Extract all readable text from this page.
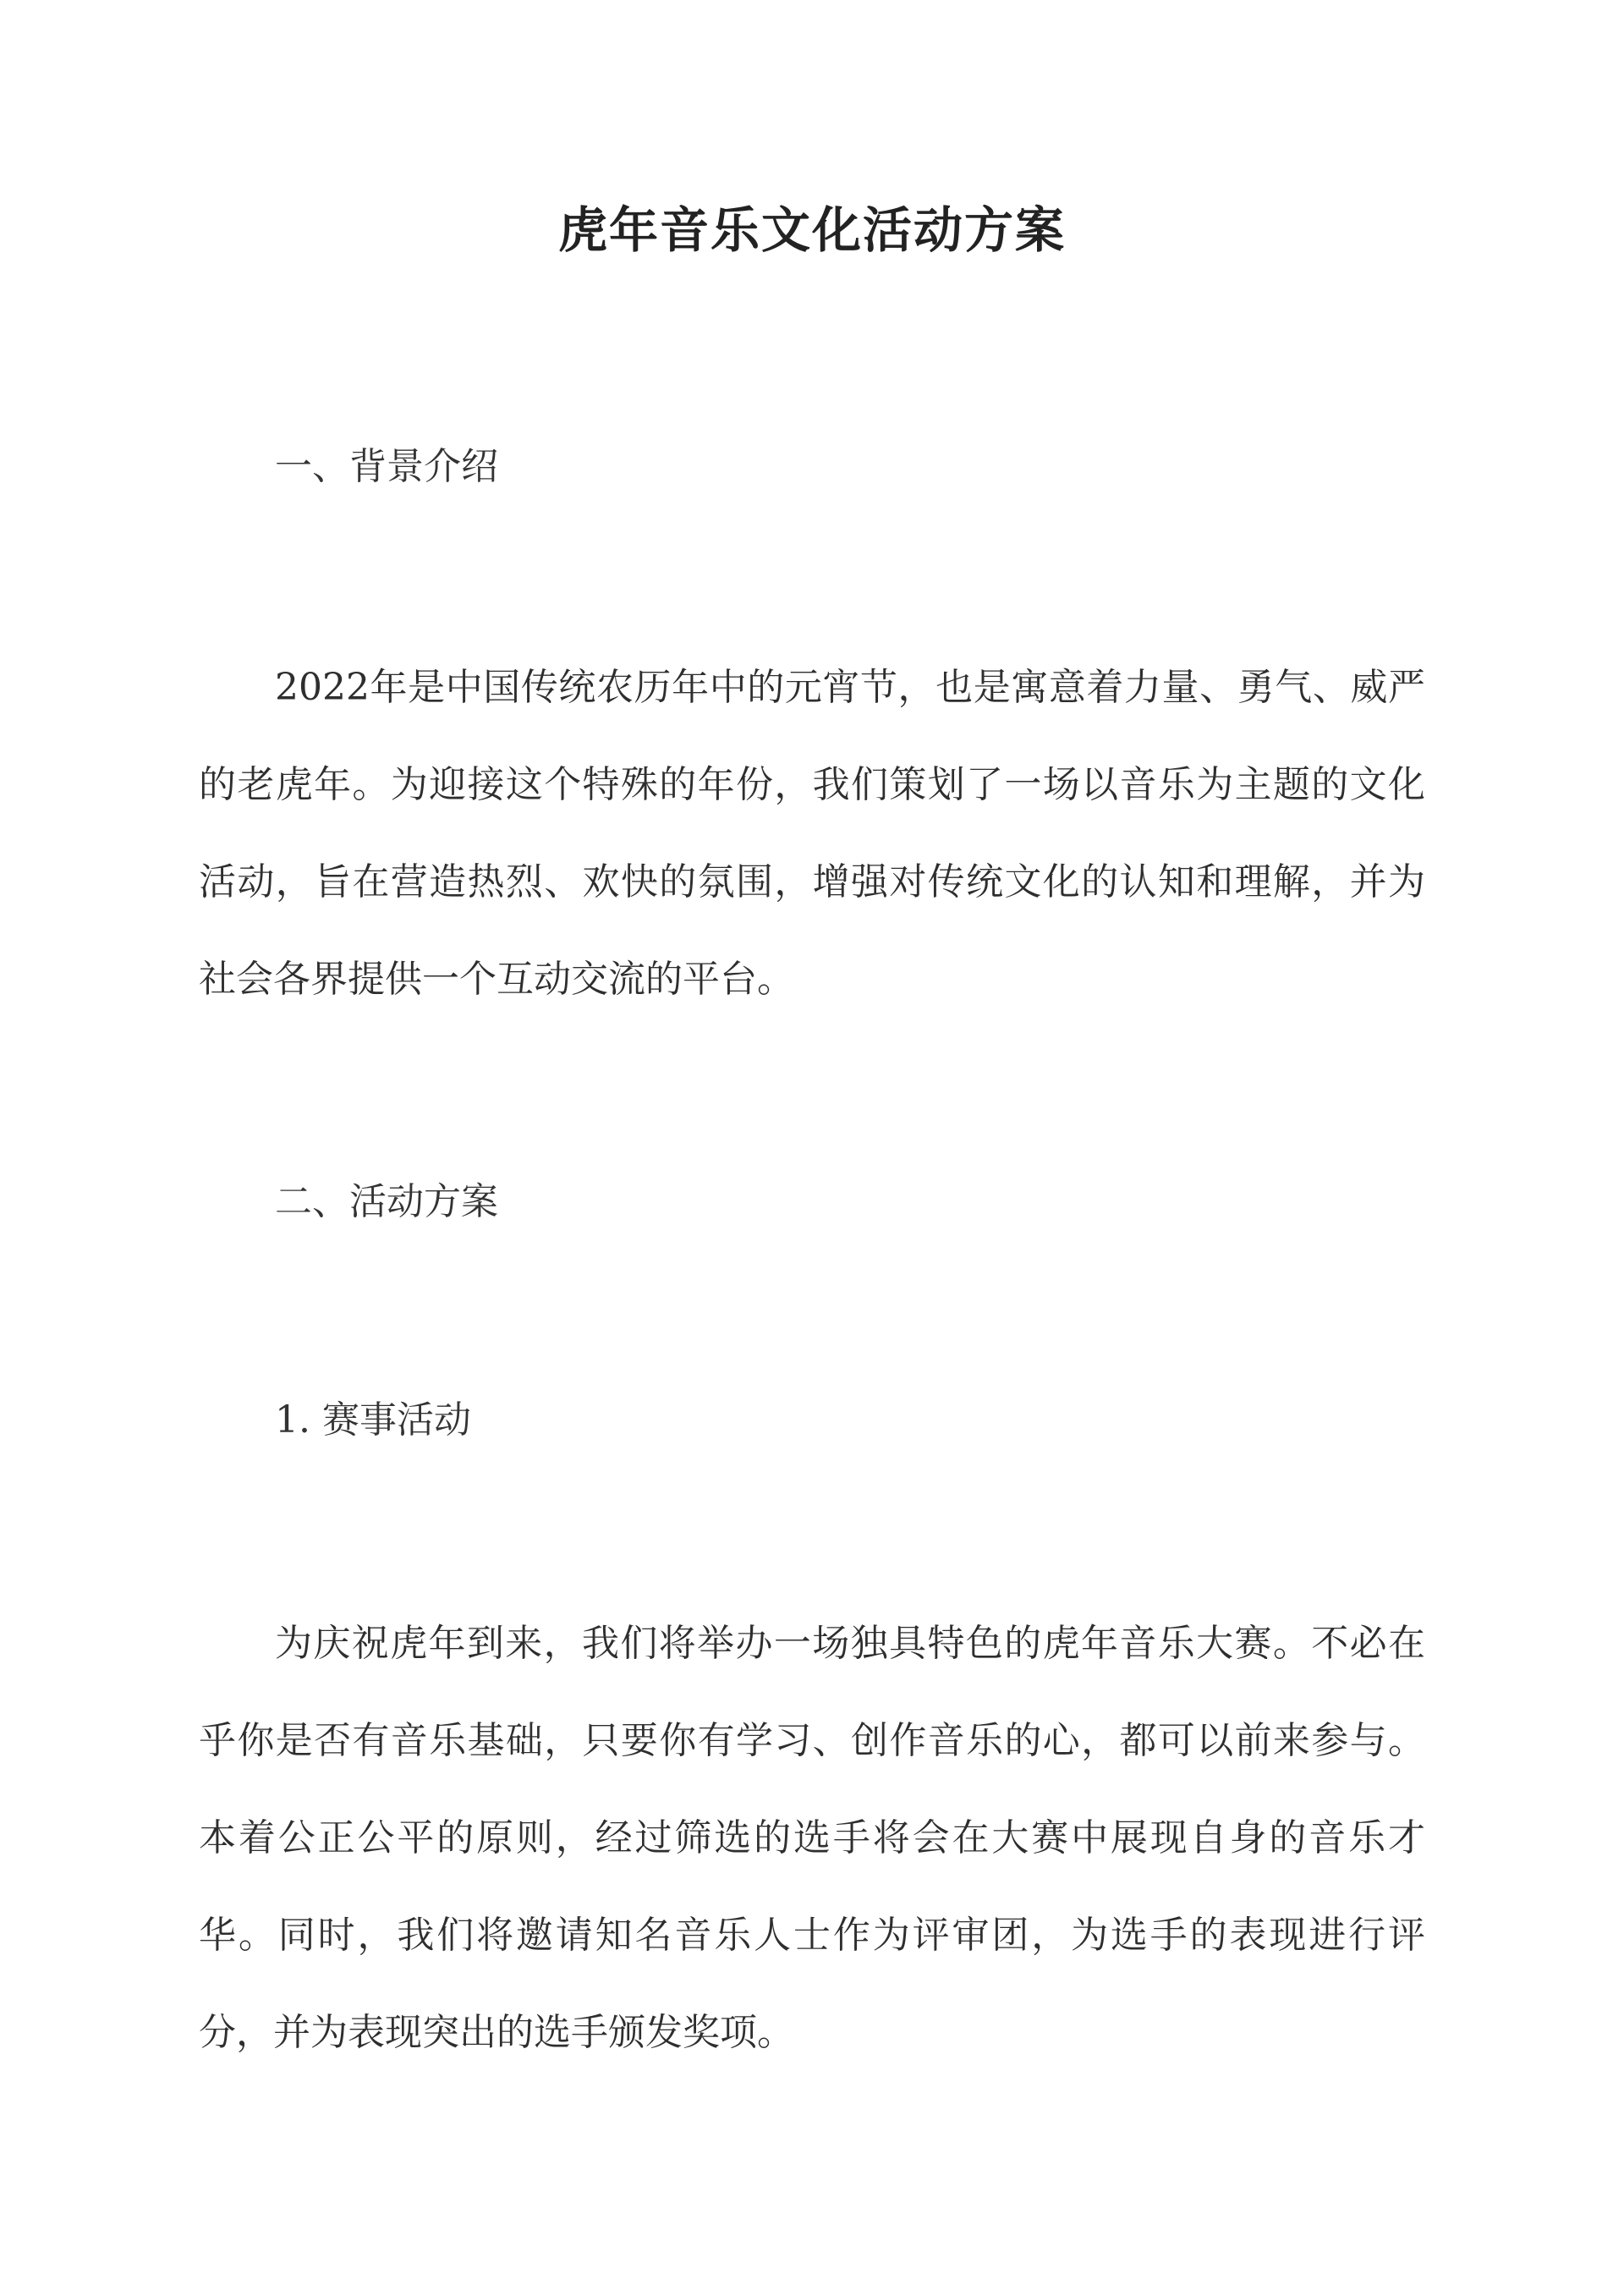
虎年音乐文化活动方案
一、背景介绍

2022年是中国传统农历年中的元宵节，也是寓意着力量、勇气、威严的老虎年。为迎接这个特殊的年份，我们策划了一场以音乐为主题的文化活动，旨在营造热烈、欢快的氛围，增强对传统文化的认知和理解，并为社会各界提供一个互动交流的平台。

二、活动方案
1. 赛事活动

为庆祝虎年到来，我们将举办一场独具特色的虎年音乐大赛。不必在乎你是否有音乐基础，只要你有学习、创作音乐的心，都可以前来参与。本着公正公平的原则，经过筛选的选手将会在大赛中展现自身的音乐才华。同时，我们将邀请知名音乐人士作为评审团，为选手的表现进行评分，并为表现突出的选手颁发奖项。
